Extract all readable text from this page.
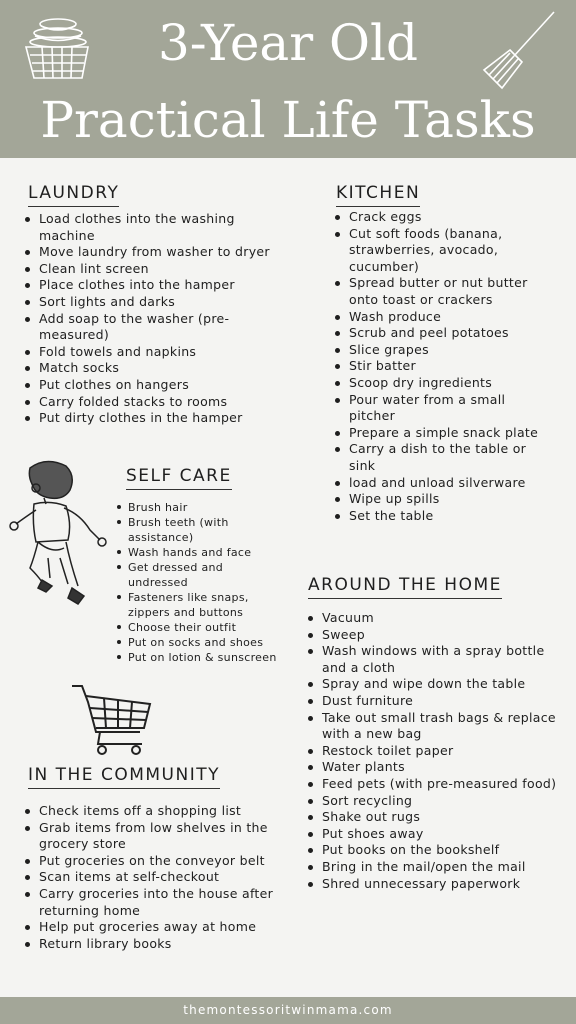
3-Year Old
Practical Life Tasks
LAUNDRY
Load clothes into the washing machine
Move laundry from washer to dryer
Clean lint screen
Place clothes into the hamper
Sort lights and darks
Add soap to the washer (pre-measured)
Fold towels and napkins
Match socks
Put clothes on hangers
Carry folded stacks to rooms
Put dirty clothes in the hamper
KITCHEN
Crack eggs
Cut soft foods (banana, strawberries, avocado, cucumber)
Spread butter or nut butter onto toast or crackers
Wash produce
Scrub and peel potatoes
Slice grapes
Stir batter
Scoop dry ingredients
Pour water from a small pitcher
Prepare a simple snack plate
Carry a dish to the table or sink
load and unload silverware
Wipe up spills
Set the table
SELF CARE
Brush hair
Brush teeth (with assistance)
Wash hands and face
Get dressed and undressed
Fasteners like snaps, zippers and buttons
Choose their outfit
Put on socks and shoes
Put on lotion & sunscreen
AROUND THE HOME
Vacuum
Sweep
Wash windows with a spray bottle and a cloth
Spray and wipe down the table
Dust furniture
Take out small trash bags & replace with a new bag
Restock toilet paper
Water plants
Feed pets (with pre-measured food)
Sort recycling
Shake out rugs
Put shoes away
Put books on the bookshelf
Bring in the mail/open the mail
Shred unnecessary paperwork
IN THE COMMUNITY
Check items off a shopping list
Grab items from low shelves in the grocery store
Put groceries on the conveyor belt
Scan items at self-checkout
Carry groceries into the house after returning home
Help put groceries away at home
Return library books
themontessoritwinmama.com
